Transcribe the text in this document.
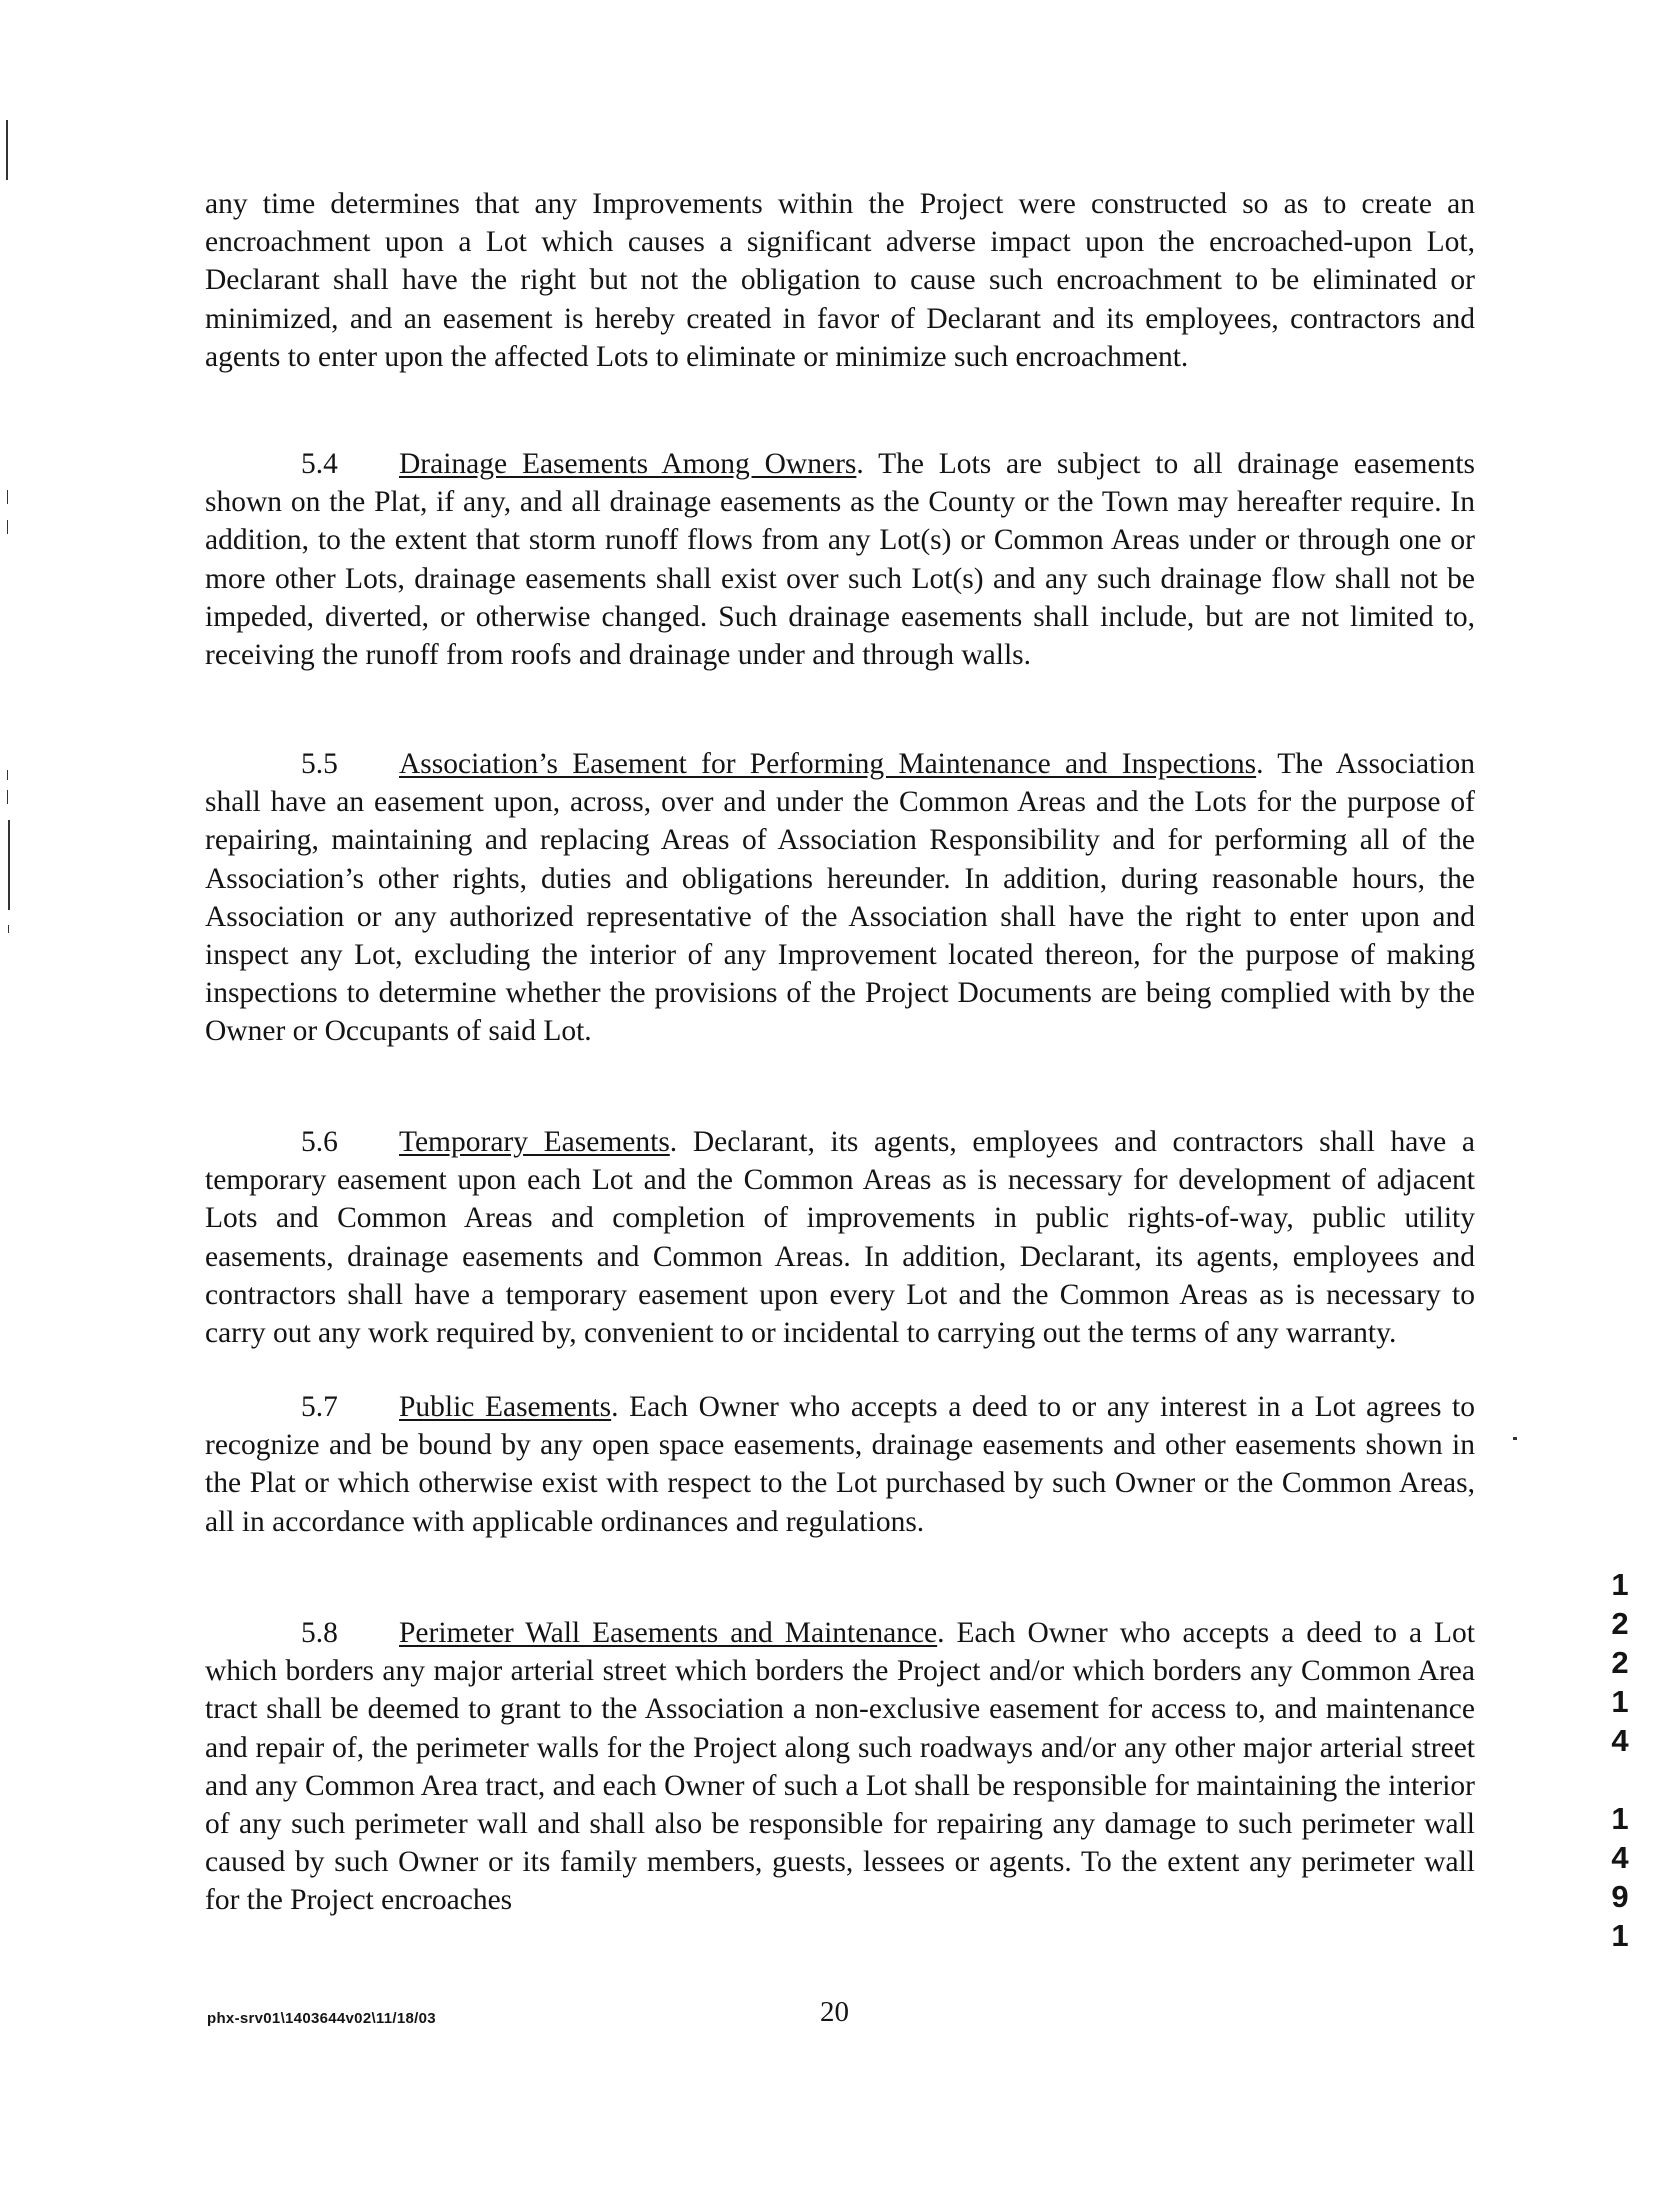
any time determines that any Improvements within the Project were constructed so as to create an encroachment upon a Lot which causes a significant adverse impact upon the encroached-upon Lot, Declarant shall have the right but not the obligation to cause such encroachment to be eliminated or minimized, and an easement is hereby created in favor of Declarant and its employees, contractors and agents to enter upon the affected Lots to eliminate or minimize such encroachment.

5.4 Drainage Easements Among Owners. The Lots are subject to all drainage easements shown on the Plat, if any, and all drainage easements as the County or the Town may hereafter require. In addition, to the extent that storm runoff flows from any Lot(s) or Common Areas under or through one or more other Lots, drainage easements shall exist over such Lot(s) and any such drainage flow shall not be impeded, diverted, or otherwise changed. Such drainage easements shall include, but are not limited to, receiving the runoff from roofs and drainage under and through walls.

5.5 Association’s Easement for Performing Maintenance and Inspections. The Association shall have an easement upon, across, over and under the Common Areas and the Lots for the purpose of repairing, maintaining and replacing Areas of Association Responsibility and for performing all of the Association’s other rights, duties and obligations hereunder. In addition, during reasonable hours, the Association or any authorized representative of the Association shall have the right to enter upon and inspect any Lot, excluding the interior of any Improvement located thereon, for the purpose of making inspections to determine whether the provisions of the Project Documents are being complied with by the Owner or Occupants of said Lot.

5.6 Temporary Easements. Declarant, its agents, employees and contractors shall have a temporary easement upon each Lot and the Common Areas as is necessary for development of adjacent Lots and Common Areas and completion of improvements in public rights-of-way, public utility easements, drainage easements and Common Areas. In addition, Declarant, its agents, employees and contractors shall have a temporary easement upon every Lot and the Common Areas as is necessary to carry out any work required by, convenient to or incidental to carrying out the terms of any warranty.

5.7 Public Easements. Each Owner who accepts a deed to or any interest in a Lot agrees to recognize and be bound by any open space easements, drainage easements and other easements shown in the Plat or which otherwise exist with respect to the Lot purchased by such Owner or the Common Areas, all in accordance with applicable ordinances and regulations.

5.8 Perimeter Wall Easements and Maintenance. Each Owner who accepts a deed to a Lot which borders any major arterial street which borders the Project and/or which borders any Common Area tract shall be deemed to grant to the Association a non-exclusive easement for access to, and maintenance and repair of, the perimeter walls for the Project along such roadways and/or any other major arterial street and any Common Area tract, and each Owner of such a Lot shall be responsible for maintaining the interior of any such perimeter wall and shall also be responsible for repairing any damage to such perimeter wall caused by such Owner or its family members, guests, lessees or agents. To the extent any perimeter wall for the Project encroaches

1
2
2
1
4
1
4
9
1
phx-srv01\1403644v02\11/18/03	20
